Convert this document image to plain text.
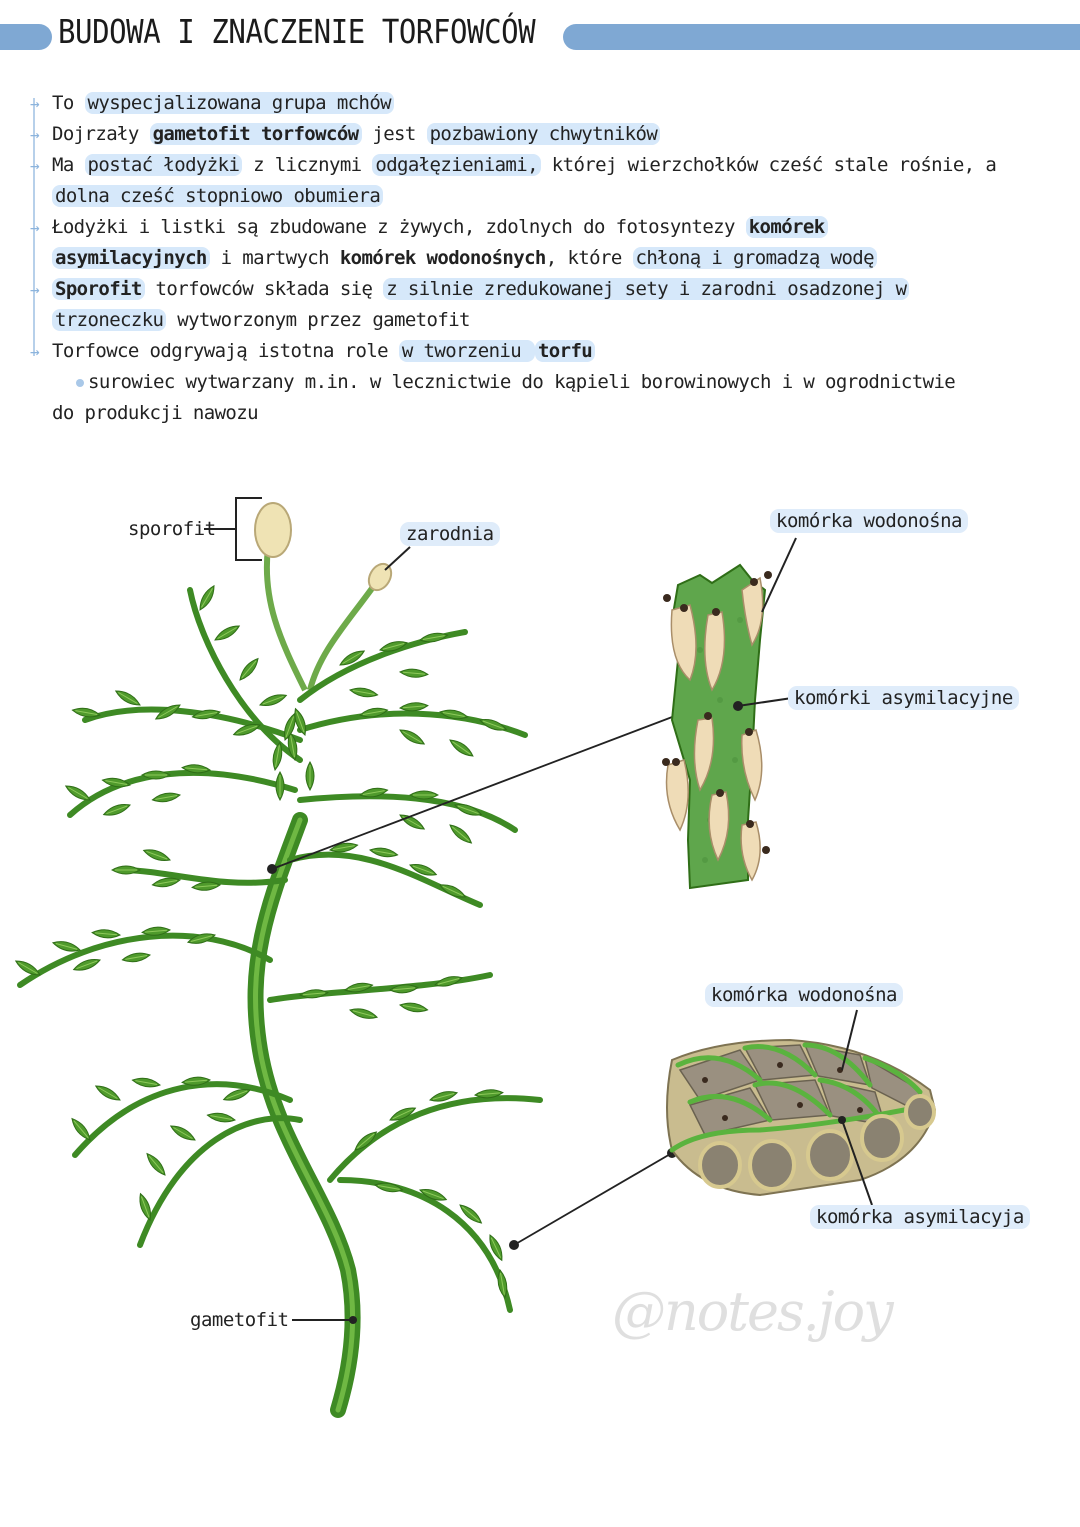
BUDOWA I ZNACZENIE TORFOWCÓW
→ To wyspecjalizowana grupa mchów
→ Dojrzały gametofit torfowców jest pozbawiony chwytników
→ Ma postać łodyżki z licznymi odgałęzieniami, której wierzchołków cześć stale rośnie, a
dolna cześć stopniowo obumiera
→ Łodyżki i listki są zbudowane z żywych, zdolnych do fotosyntezy komórek
asymilacyjnych i martwych komórek wodonośnych, które chłoną i gromadzą wodę
→ Sporofit torfowców składa się z silnie zredukowanej sety i zarodni osadzonej w
trzoneczku wytworzonym przez gametofit
→ Torfowce odgrywają istotna role w tworzeniu torfu
surowiec wytwarzany m.in. w lecznictwie do kąpieli borowinowych i w ogrodnictwie
do produkcji nawozu
sporofit	zarodnia
gametofit
komórka wodonośna
komórki asymilacyjne
komórka wodonośna
komórka asymilacyja
@notes.joy
